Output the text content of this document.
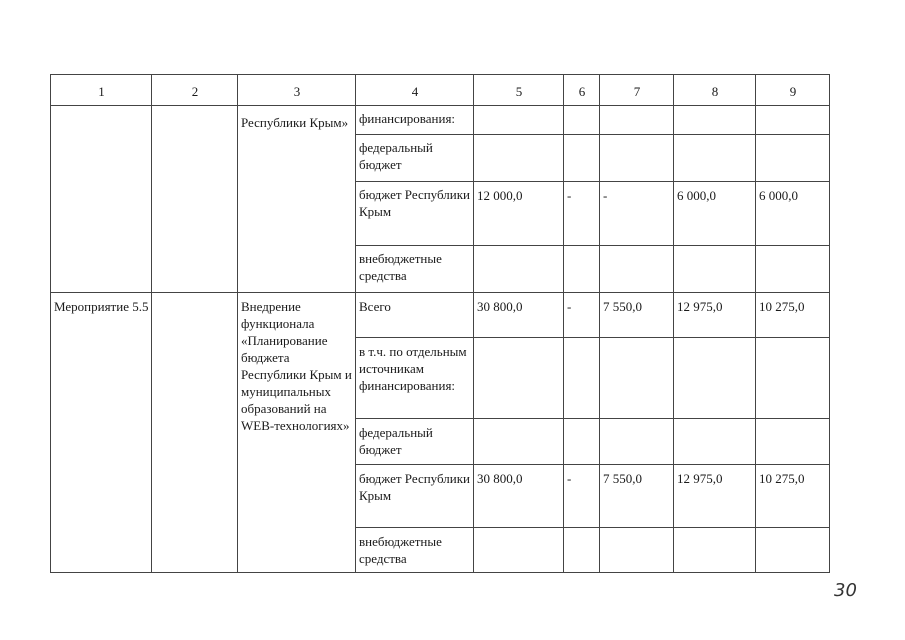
1	2	3	4	5	6	7	8	9
		Республики Крым»	финансирования:					
			федеральный бюджет					
			бюджет Республики Крым	12 000,0	-	-	6 000,0	6 000,0
			внебюджетные средства					
Мероприятие 5.5		Внедрение функционала «Планирование бюджета Республики Крым и муниципальных образований на WEB-технологиях»	Всего	30 800,0	-	7 550,0	12 975,0	10 275,0
			в т.ч. по отдельным источникам финансирования:					
			федеральный бюджет					
			бюджет Республики Крым	30 800,0	-	7 550,0	12 975,0	10 275,0
			внебюджетные средства					
30
